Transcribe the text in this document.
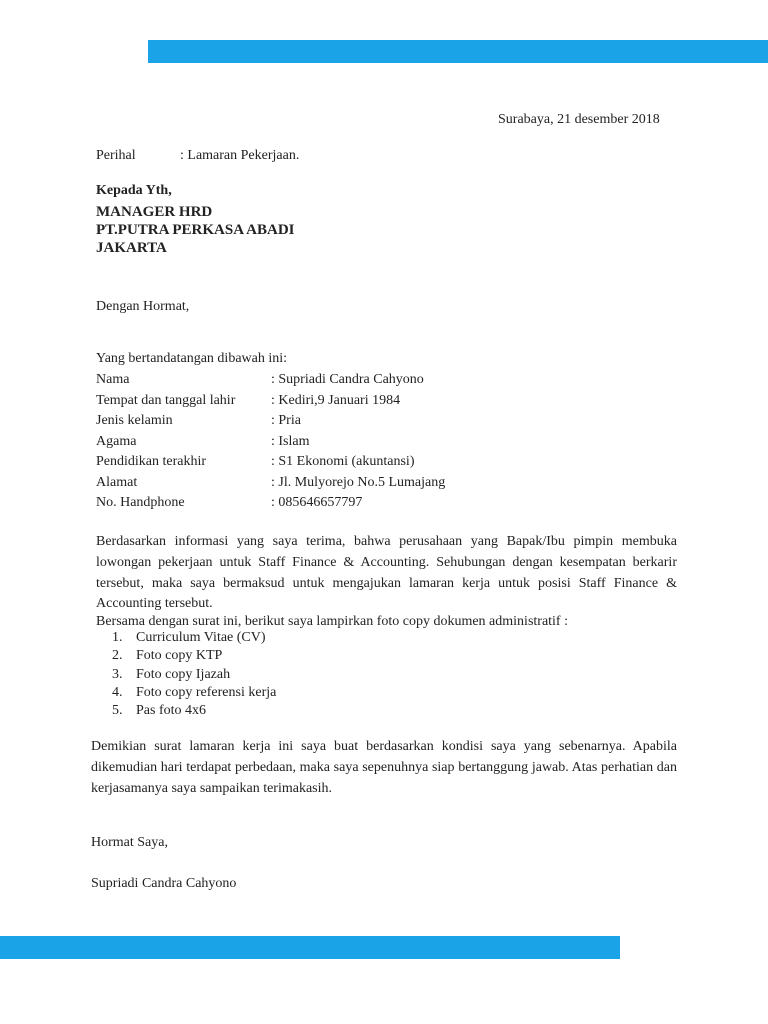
Surabaya, 21 desember 2018
Perihal	: Lamaran Pekerjaan.
Kepada Yth,
MANAGER HRD
PT.PUTRA PERKASA ABADI
JAKARTA
Dengan Hormat,
Yang bertandatangan dibawah ini:
Nama	: Supriadi Candra Cahyono
Tempat dan tanggal lahir	: Kediri,9 Januari 1984
Jenis kelamin	: Pria
Agama	: Islam
Pendidikan terakhir	: S1 Ekonomi (akuntansi)
Alamat	: Jl. Mulyorejo No.5 Lumajang
No. Handphone	: 085646657797
Berdasarkan informasi yang saya terima, bahwa perusahaan yang Bapak/Ibu pimpin membuka lowongan pekerjaan untuk Staff Finance & Accounting. Sehubungan dengan kesempatan berkarir tersebut, maka saya bermaksud untuk mengajukan lamaran kerja untuk posisi Staff Finance & Accounting tersebut.
Bersama dengan surat ini, berikut saya lampirkan foto copy dokumen administratif :
1. Curriculum Vitae (CV)
2. Foto copy KTP
3. Foto copy Ijazah
4. Foto copy referensi kerja
5. Pas foto 4x6
Demikian surat lamaran kerja ini saya buat berdasarkan kondisi saya yang sebenarnya. Apabila dikemudian hari terdapat perbedaan, maka saya sepenuhnya siap bertanggung jawab. Atas perhatian dan kerjasamanya saya sampaikan terimakasih.
Hormat Saya,
Supriadi Candra Cahyono
